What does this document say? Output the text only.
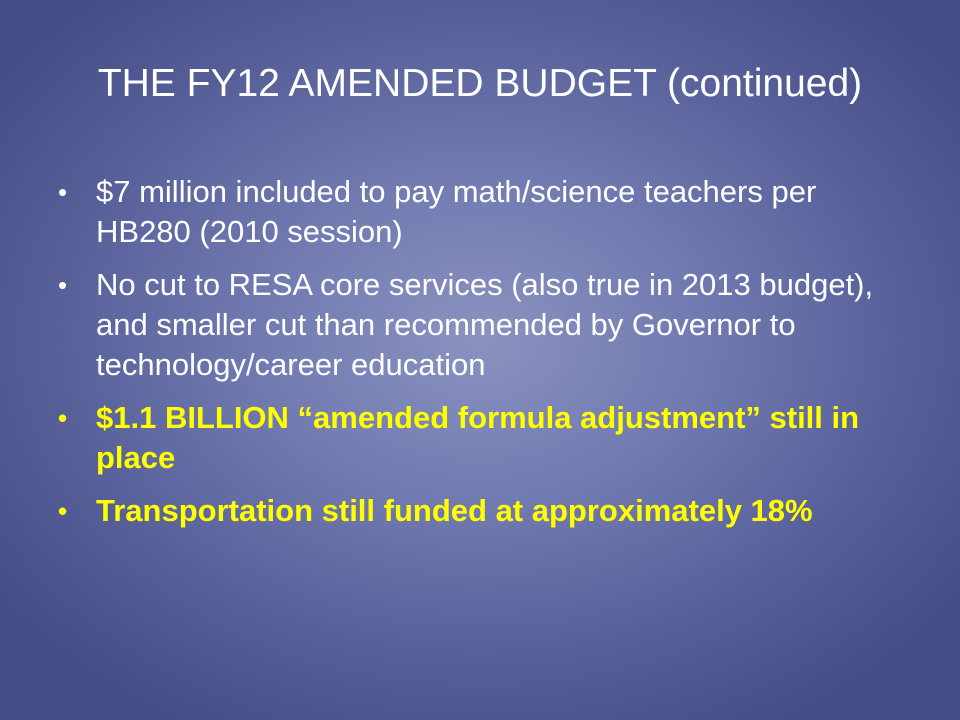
THE FY12 AMENDED BUDGET (continued)
• $7 million included to pay math/science teachers per HB280 (2010 session)
• No cut to RESA core services (also true in 2013 budget), and smaller cut than recommended by Governor to technology/career education
• $1.1 BILLION “amended formula adjustment” still in place
• Transportation still funded at approximately 18%
